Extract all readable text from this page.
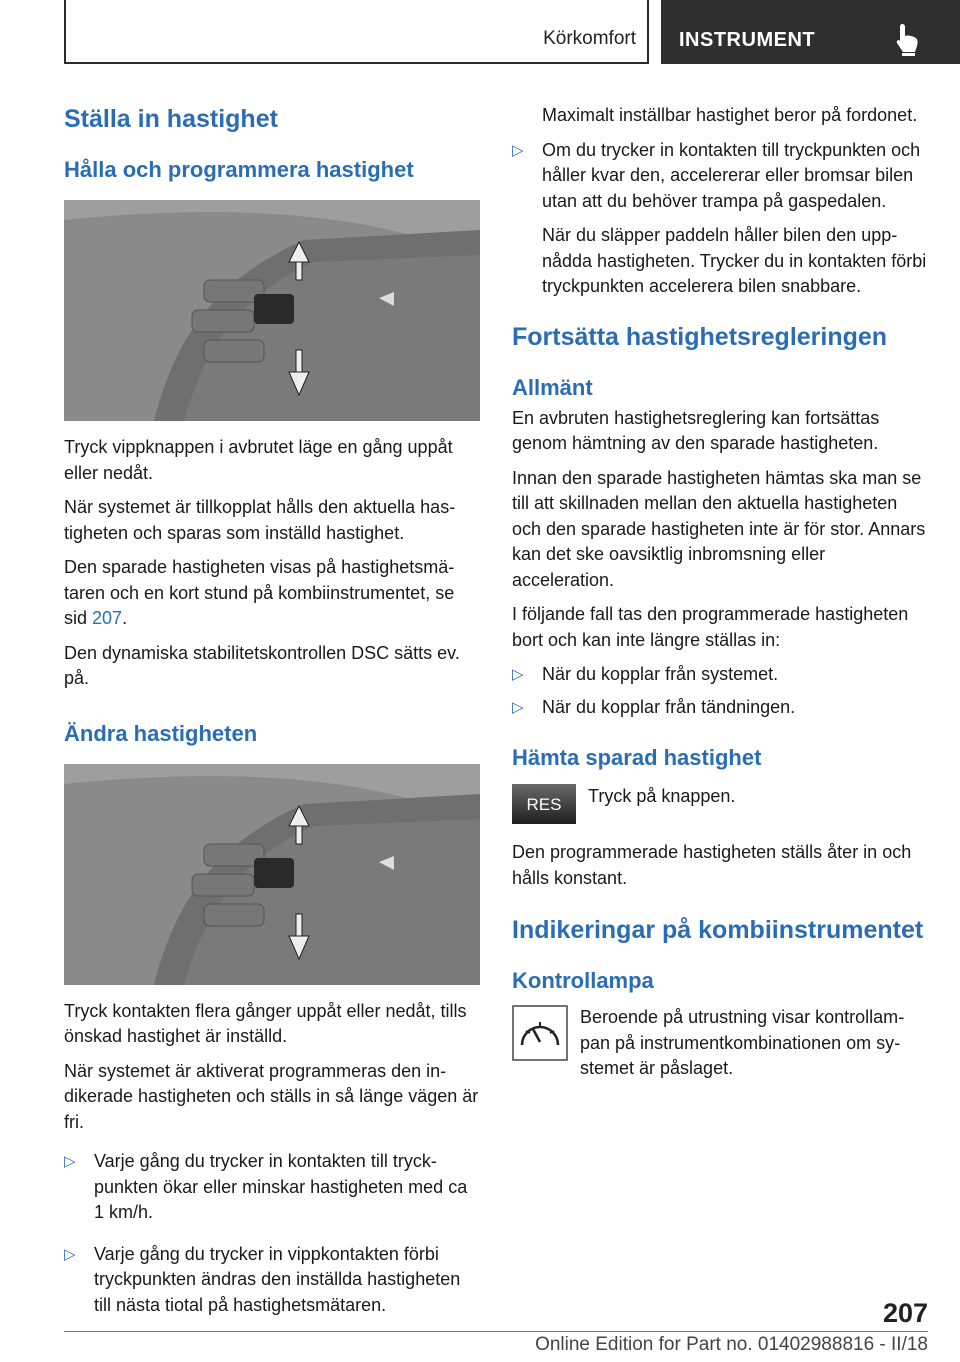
Körkomfort INSTRUMENT
Ställa in hastighet
Hålla och programmera hastighet

Tryck vippknappen i avbrutet läge en gång uppåt eller nedåt.

När systemet är tillkopplat hålls den aktuella hastigheten och sparas som inställd hastighet.

Den sparade hastigheten visas på hastighetsmätaren och en kort stund på kombiinstrumentet, se sid 207.

Den dynamiska stabilitetskontrollen DSC sätts ev. på.

Ändra hastigheten

Tryck kontakten flera gånger uppåt eller nedåt, tills önskad hastighet är inställd.

När systemet är aktiverat programmeras den indikerade hastigheten och ställs in så länge vägen är fri.

▷ Varje gång du trycker in kontakten till tryckpunkten ökar eller minskar hastigheten med ca 1 km/h.
▷ Varje gång du trycker in vippkontakten förbi tryckpunkten ändras den inställda hastigheten till nästa tiotal på hastighetsmätaren.

Maximalt inställbar hastighet beror på fordonet.

▷ Om du trycker in kontakten till tryckpunkten och håller kvar den, accelererar eller bromsar bilen utan att du behöver trampa på gaspedalen.

När du släpper paddeln håller bilen den uppnådda hastigheten. Trycker du in kontakten förbi tryckpunkten accelerera bilen snabbare.

Fortsätta hastighetsregleringen
Allmänt

En avbruten hastighetsreglering kan fortsättas genom hämtning av den sparade hastigheten.

Innan den sparade hastigheten hämtas ska man se till att skillnaden mellan den aktuella hastigheten och den sparade hastigheten inte är för stor. Annars kan det ske oavsiktlig inbromsning eller acceleration.

I följande fall tas den programmerade hastigheten bort och kan inte längre ställas in:

▷ När du kopplar från systemet.
▷ När du kopplar från tändningen.
Hämta sparad hastighet
RES Tryck på knappen.

Den programmerade hastigheten ställs åter in och hålls konstant.

Indikeringar på kombiinstrumentet
Kontrollampa

Beroende på utrustning visar kontrollampan på instrumentkombinationen om systemet är påslaget.

207
Online Edition for Part no. 01402988816 - II/18
